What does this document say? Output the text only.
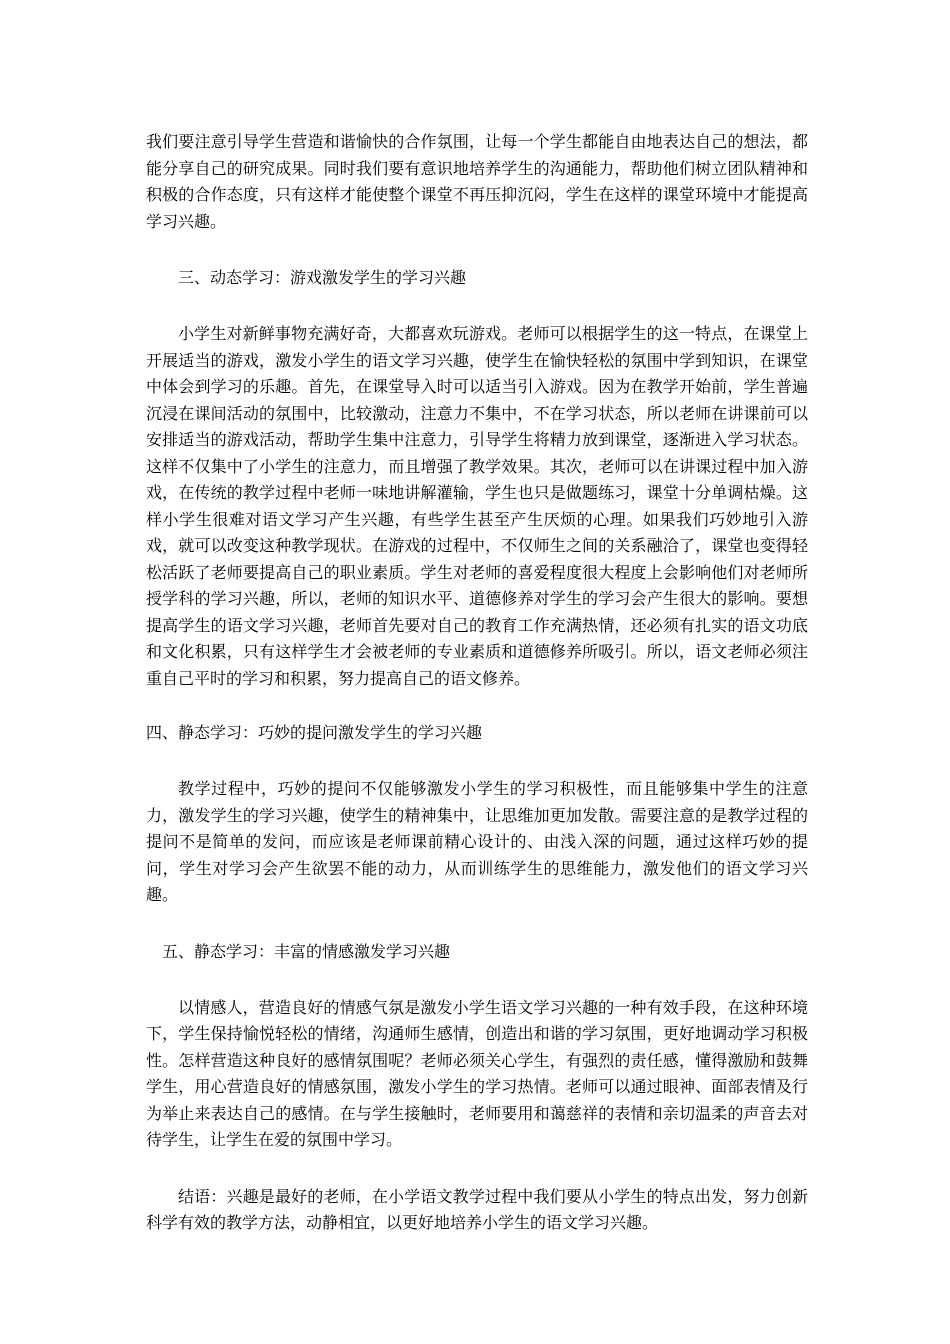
我们要注意引导学生营造和谐愉快的合作氛围，让每一个学生都能自由地表达自己的想法，都能分享自己的研究成果。同时我们要有意识地培养学生的沟通能力，帮助他们树立团队精神和积极的合作态度，只有这样才能使整个课堂不再压抑沉闷，学生在这样的课堂环境中才能提高学习兴趣。

三、动态学习：游戏激发学生的学习兴趣

小学生对新鲜事物充满好奇，大都喜欢玩游戏。老师可以根据学生的这一特点，在课堂上开展适当的游戏，激发小学生的语文学习兴趣，使学生在愉快轻松的氛围中学到知识，在课堂中体会到学习的乐趣。首先，在课堂导入时可以适当引入游戏。因为在教学开始前，学生普遍沉浸在课间活动的氛围中，比较激动，注意力不集中，不在学习状态，所以老师在讲课前可以安排适当的游戏活动，帮助学生集中注意力，引导学生将精力放到课堂，逐渐进入学习状态。这样不仅集中了小学生的注意力，而且增强了教学效果。其次，老师可以在讲课过程中加入游戏，在传统的教学过程中老师一味地讲解灌输，学生也只是做题练习，课堂十分单调枯燥。这样小学生很难对语文学习产生兴趣，有些学生甚至产生厌烦的心理。如果我们巧妙地引入游戏，就可以改变这种教学现状。在游戏的过程中，不仅师生之间的关系融洽了，课堂也变得轻松活跃了老师要提高自己的职业素质。学生对老师的喜爱程度很大程度上会影响他们对老师所授学科的学习兴趣，所以，老师的知识水平、道德修养对学生的学习会产生很大的影响。要想提高学生的语文学习兴趣，老师首先要对自己的教育工作充满热情，还必须有扎实的语文功底和文化积累，只有这样学生才会被老师的专业素质和道德修养所吸引。所以，语文老师必须注重自己平时的学习和积累，努力提高自己的语文修养。

四、静态学习：巧妙的提问激发学生的学习兴趣

教学过程中，巧妙的提问不仅能够激发小学生的学习积极性，而且能够集中学生的注意力，激发学生的学习兴趣，使学生的精神集中，让思维加更加发散。需要注意的是教学过程的提问不是简单的发问，而应该是老师课前精心设计的、由浅入深的问题，通过这样巧妙的提问，学生对学习会产生欲罢不能的动力，从而训练学生的思维能力，激发他们的语文学习兴趣。

五、静态学习：丰富的情感激发学习兴趣

以情感人，营造良好的情感气氛是激发小学生语文学习兴趣的一种有效手段，在这种环境下，学生保持愉悦轻松的情绪，沟通师生感情，创造出和谐的学习氛围，更好地调动学习积极性。怎样营造这种良好的感情氛围呢？老师必须关心学生，有强烈的责任感，懂得激励和鼓舞学生，用心营造良好的情感氛围，激发小学生的学习热情。老师可以通过眼神、面部表情及行为举止来表达自己的感情。在与学生接触时，老师要用和蔼慈祥的表情和亲切温柔的声音去对待学生，让学生在爱的氛围中学习。

结语：兴趣是最好的老师，在小学语文教学过程中我们要从小学生的特点出发，努力创新科学有效的教学方法，动静相宜，以更好地培养小学生的语文学习兴趣。
